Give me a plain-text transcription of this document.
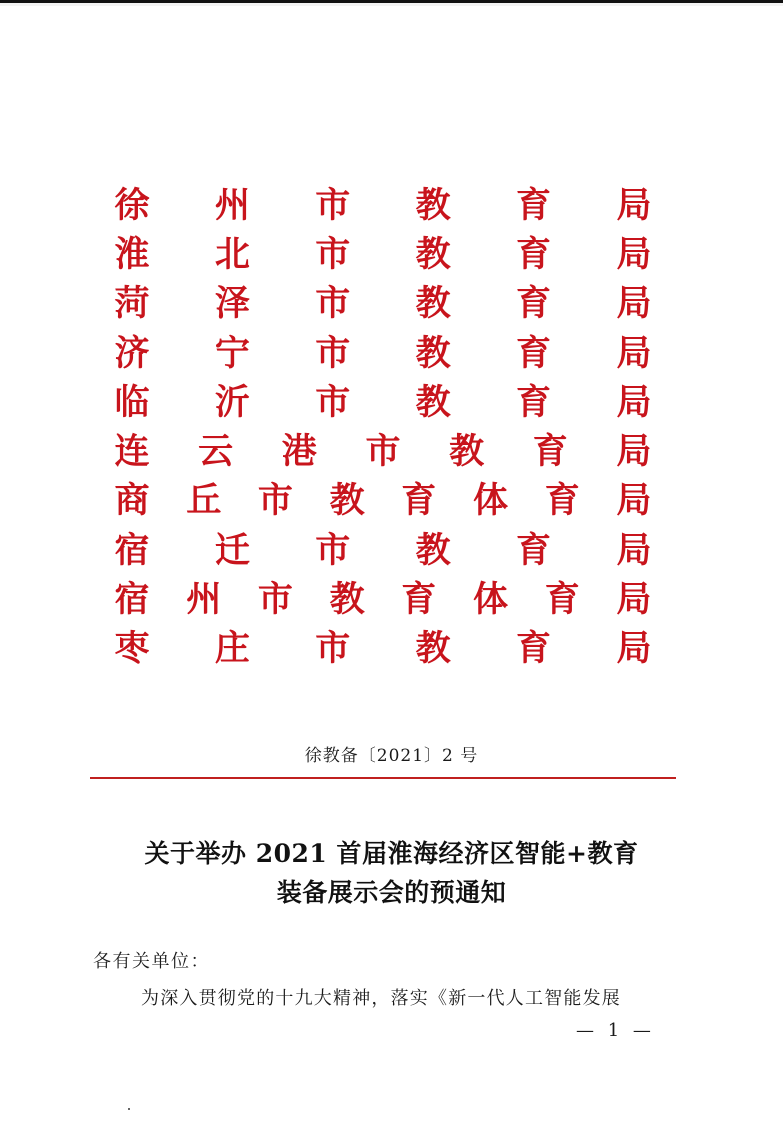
徐 州 市 教 育 局
淮 北 市 教 育 局
菏 泽 市 教 育 局
济 宁 市 教 育 局
临 沂 市 教 育 局
连 云 港 市 教 育 局
商 丘 市 教 育 体 育 局
宿 迁 市 教 育 局
宿 州 市 教 育 体 育 局
枣 庄 市 教 育 局
徐教备〔2021〕2 号
关于举办 2021 首届淮海经济区智能+教育
装备展示会的预通知
各有关单位：
为深入贯彻党的十九大精神，落实《新一代人工智能发展
— 1 —
